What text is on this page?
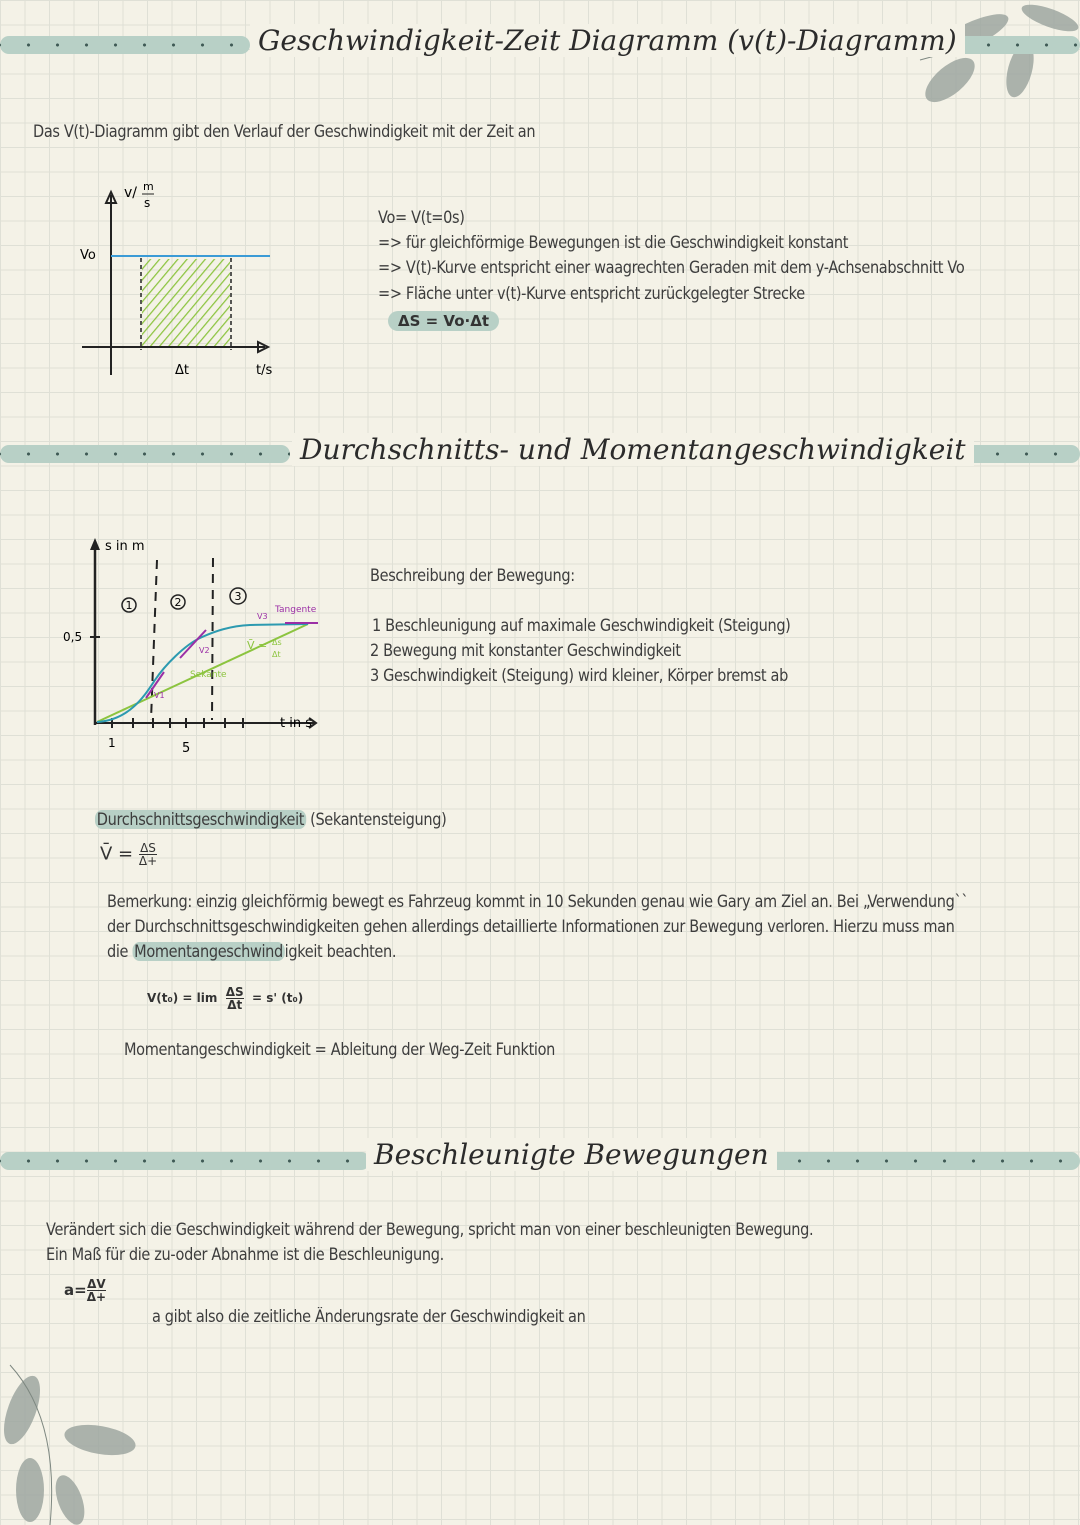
Geschwindigkeit-Zeit Diagramm (v(t)-Diagramm)
Das V(t)-Diagramm gibt den Verlauf der Geschwindigkeit mit der Zeit an
v/ m
s
Vo
Δt	t/s
Vo= V(t=0s)
=> für gleichförmige Bewegungen ist die Geschwindigkeit konstant
=> V(t)-Kurve entspricht einer waagrechten Geraden mit dem y-Achsenabschnitt Vo
=> Fläche unter v(t)-Kurve entspricht zurückgelegter Strecke
ΔS = Vo·Δt
Durchschnitts- und Momentangeschwindigkeit
s in m
t in s
0,5
1	5
1	2	3
Tangente
Sekante
V1
V2
V3
V̄ = Δs
Δt
Beschreibung der Bewegung:
1 Beschleunigung auf maximale Geschwindigkeit (Steigung)
2 Bewegung mit konstanter Geschwindigkeit
3 Geschwindigkeit (Steigung) wird kleiner, Körper bremst ab
Durchschnittsgeschwindigkeit (Sekantensteigung)
V̄ = $\frac{\Delta S}{\Delta+}$
Bemerkung: einzig gleichförmig bewegt es Fahrzeug kommt in 10 Sekunden genau wie Gary am Ziel an. Bei „Verwendung``
der Durchschnittsgeschwindigkeiten gehen allerdings detaillierte Informationen zur Bewegung verloren. Hierzu muss man
die Momentangeschwind igkeit beachten.
$V(t_0) = \lim \frac{\Delta S}{\Delta t} = s'$ (t₀)
Momentangeschwindigkeit = Ableitung der Weg-Zeit Funktion
Beschleunigte Bewegungen
Verändert sich die Geschwindigkeit während der Bewegung, spricht man von einer beschleunigten Bewegung.
Ein Maß für die zu-oder Abnahme ist die Beschleunigung.
$a= \frac{\Delta V}{\Delta+}$
a gibt also die zeitliche Änderungsrate der Geschwindigkeit an
